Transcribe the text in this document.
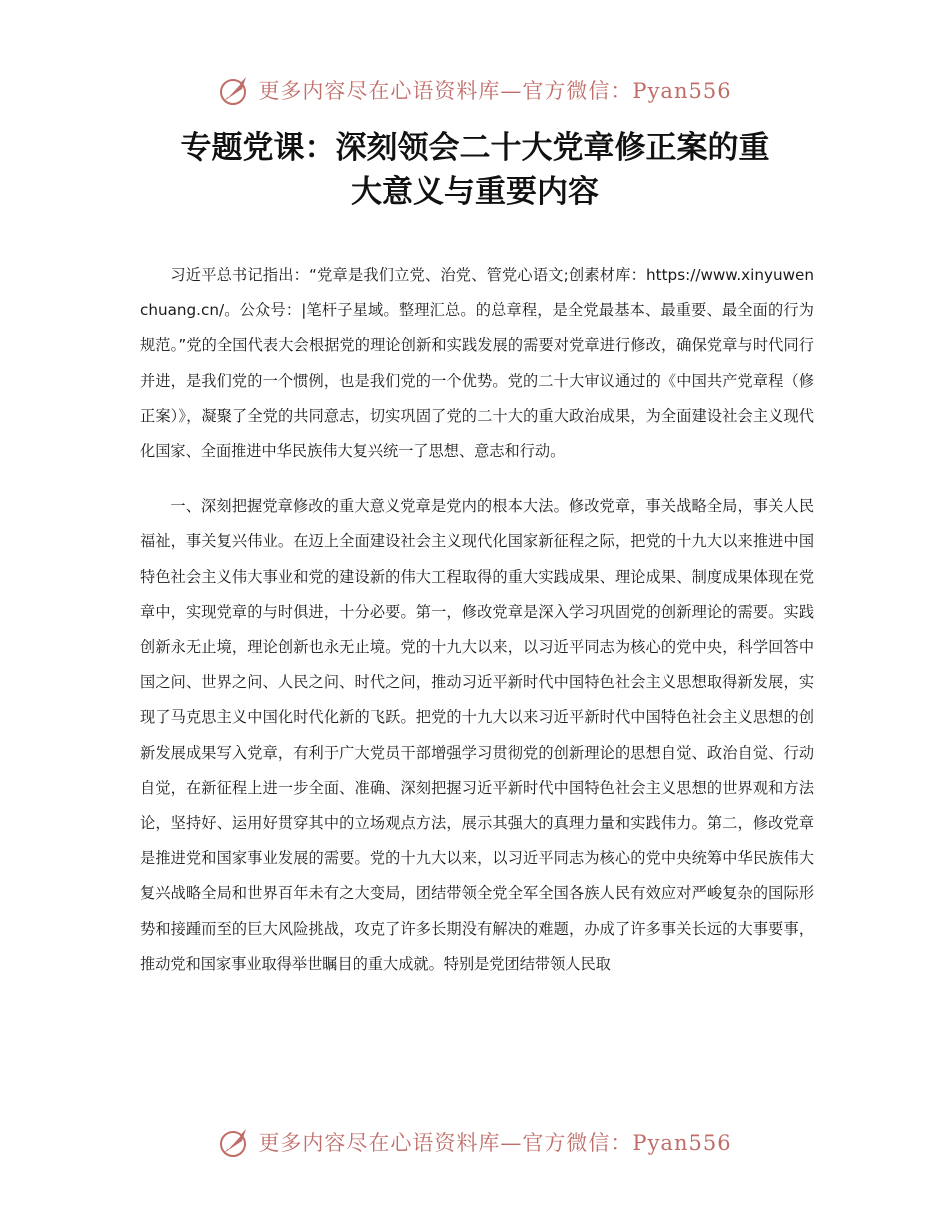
更多内容尽在心语资料库—官方微信：Pyan556
专题党课：深刻领会二十大党章修正案的重
大意义与重要内容

习近平总书记指出：“党章是我们立党、治党、管党心语文;创素材库：https://www.xinyuwenchuang.cn/。公众号：|笔杆子星域。整理汇总。的总章程，是全党最基本、最重要、最全面的行为规范。”党的全国代表大会根据党的理论创新和实践发展的需要对党章进行修改，确保党章与时代同行并进，是我们党的一个惯例，也是我们党的一个优势。党的二十大审议通过的《中国共产党章程（修正案）》，凝聚了全党的共同意志，切实巩固了党的二十大的重大政治成果，为全面建设社会主义现代化国家、全面推进中华民族伟大复兴统一了思想、意志和行动。

一、深刻把握党章修改的重大意义党章是党内的根本大法。修改党章，事关战略全局，事关人民福祉，事关复兴伟业。在迈上全面建设社会主义现代化国家新征程之际，把党的十九大以来推进中国特色社会主义伟大事业和党的建设新的伟大工程取得的重大实践成果、理论成果、制度成果体现在党章中，实现党章的与时俱进，十分必要。第一，修改党章是深入学习巩固党的创新理论的需要。实践创新永无止境，理论创新也永无止境。党的十九大以来，以习近平同志为核心的党中央，科学回答中国之问、世界之问、人民之问、时代之问，推动习近平新时代中国特色社会主义思想取得新发展，实现了马克思主义中国化时代化新的飞跃。把党的十九大以来习近平新时代中国特色社会主义思想的创新发展成果写入党章，有利于广大党员干部增强学习贯彻党的创新理论的思想自觉、政治自觉、行动自觉，在新征程上进一步全面、准确、深刻把握习近平新时代中国特色社会主义思想的世界观和方法论，坚持好、运用好贯穿其中的立场观点方法，展示其强大的真理力量和实践伟力。第二，修改党章是推进党和国家事业发展的需要。党的十九大以来，以习近平同志为核心的党中央统筹中华民族伟大复兴战略全局和世界百年未有之大变局，团结带领全党全军全国各族人民有效应对严峻复杂的国际形势和接踵而至的巨大风险挑战，攻克了许多长期没有解决的难题，办成了许多事关长远的大事要事，推动党和国家事业取得举世瞩目的重大成就。特别是党团结带领人民取

更多内容尽在心语资料库—官方微信：Pyan556
